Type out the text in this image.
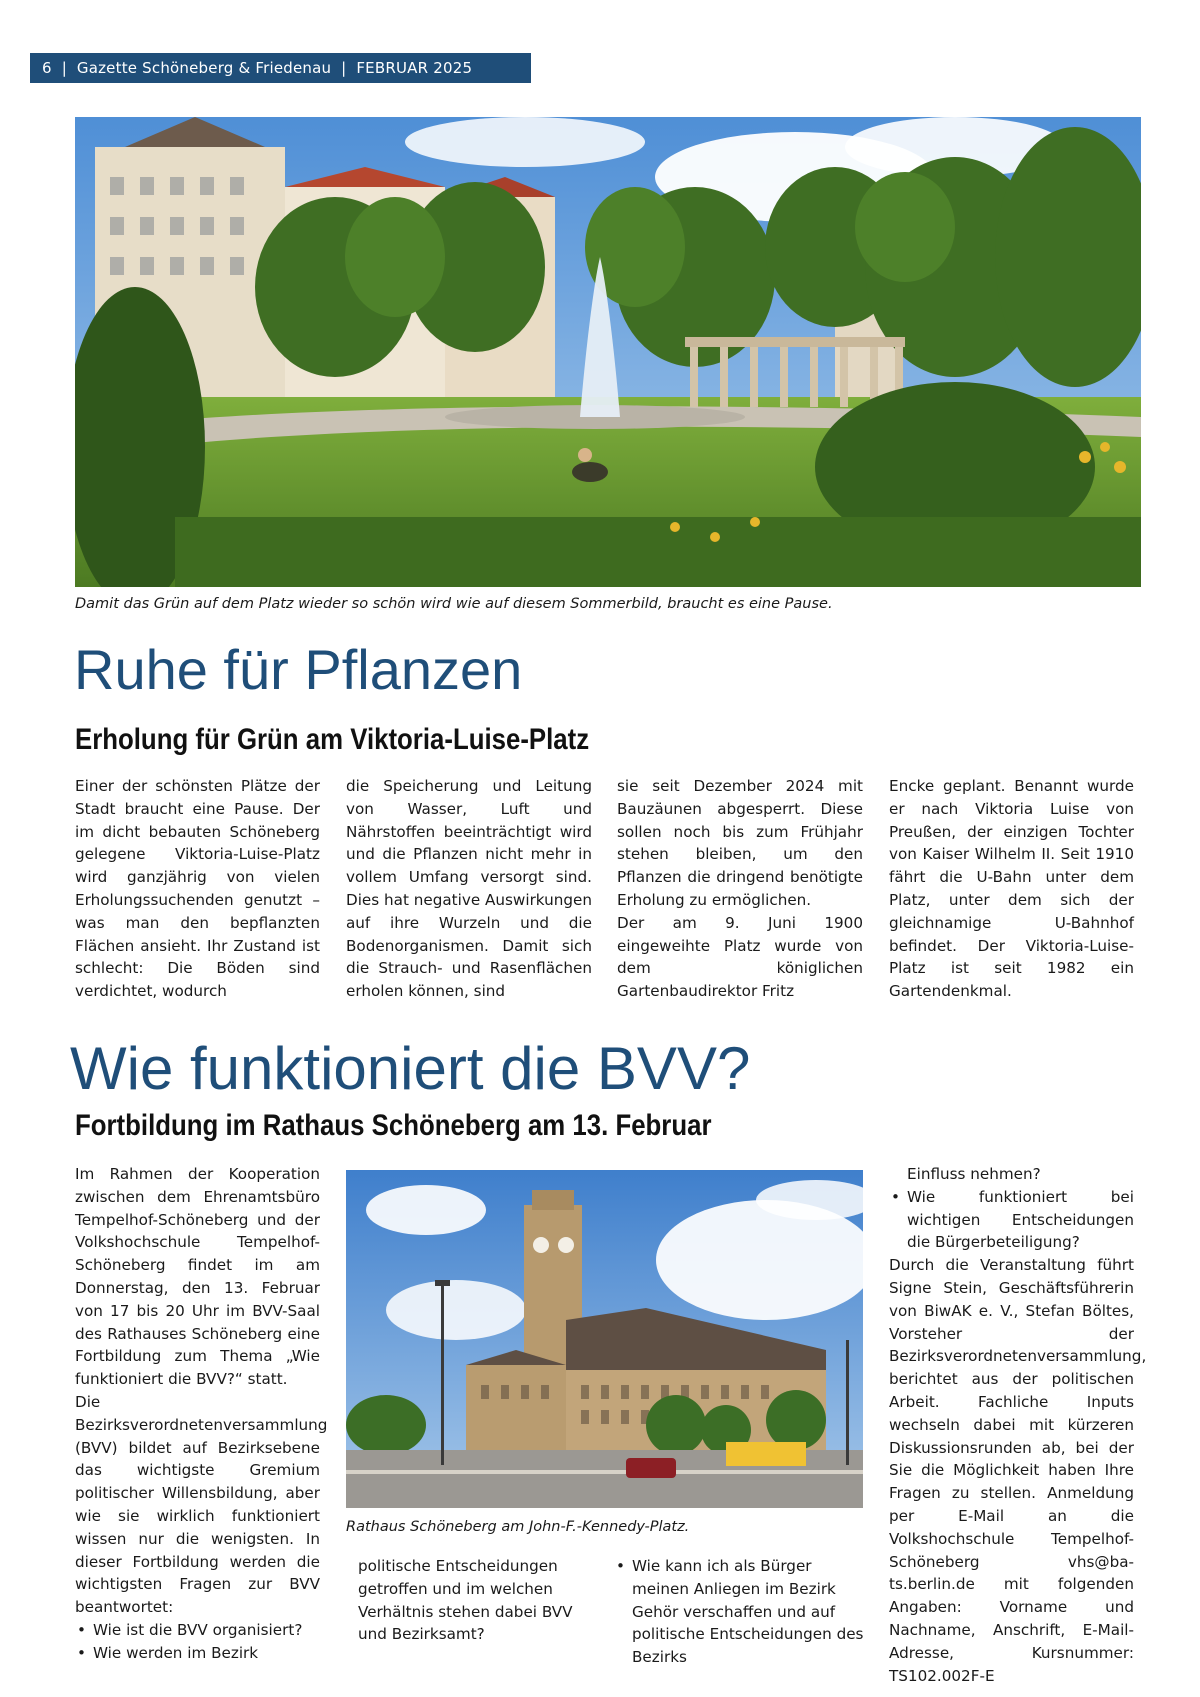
6
|
Gazette Schöneberg & Friedenau
|
FEBRUAR 2025
Damit das Grün auf dem Platz wieder so schön wird wie auf diesem Sommerbild, braucht es eine Pause.
Ruhe für Pflanzen
Erholung für Grün am Viktoria-Luise-Platz

Einer der schönsten Plätze der Stadt braucht eine Pause. Der im dicht bebauten Schöneberg gelegene Viktoria-Luise-Platz wird ganzjährig von vielen Erholungssuchenden genutzt – was man den bepflanzten Flächen ansieht. Ihr Zustand ist schlecht: Die Böden sind verdichtet, wodurch

die Speicherung und Leitung von Wasser, Luft und Nährstoffen beeinträchtigt wird und die Pflanzen nicht mehr in vollem Umfang versorgt sind. Dies hat negative Auswirkungen auf ihre Wurzeln und die Bodenorganismen. Damit sich die Strauch- und Rasenflächen erholen können, sind

sie seit Dezember 2024 mit Bauzäunen abgesperrt. Diese sollen noch bis zum Frühjahr stehen bleiben, um den Pflanzen die dringend benötigte Erholung zu ermöglichen.

Der am 9. Juni 1900 eingeweihte Platz wurde von dem königlichen Gartenbaudirektor Fritz

Encke geplant. Benannt wurde er nach Viktoria Luise von Preußen, der einzigen Tochter von Kaiser Wilhelm II. Seit 1910 fährt die U-Bahn unter dem Platz, unter dem sich der gleichnamige U-Bahnhof befindet. Der Viktoria-Luise-Platz ist seit 1982 ein Gartendenkmal.

Wie funktioniert die BVV?
Fortbildung im Rathaus Schöneberg am 13. Februar

Im Rahmen der Kooperation zwischen dem Ehrenamtsbüro Tempelhof-Schöneberg und der Volkshochschule Tempelhof-Schöneberg findet im am Donnerstag, den 13. Februar von 17 bis 20 Uhr im BVV-Saal des Rathauses Schöneberg eine Fortbildung zum Thema „Wie funktioniert die BVV?“ statt.

Die Bezirksverordnetenversammlung (BVV) bildet auf Bezirksebene das wichtigste Gremium politischer Willensbildung, aber wie sie wirklich funktioniert wissen nur die wenigsten. In dieser Fortbildung werden die wichtigsten Fragen zur BVV beantwortet:

• Wie ist die BVV organisiert?
• Wie werden im Bezirk
Rathaus Schöneberg am John-F.-Kennedy-Platz.

politische Entscheidungen getroffen und im welchen Verhältnis stehen dabei BVV und Bezirksamt?

• Wie kann ich als Bürger meinen Anliegen im Bezirk Gehör verschaffen und auf politische Entscheidungen des Bezirks

Einfluss nehmen?

• Wie funktioniert bei wichtigen Entscheidungen die Bürgerbeteiligung?

Durch die Veranstaltung führt Signe Stein, Geschäftsführerin von BiwAK e. V., Stefan Böltes, Vorsteher der Bezirksverordnetenversammlung, berichtet aus der politischen Arbeit. Fachliche Inputs wechseln dabei mit kürzeren Diskussionsrunden ab, bei der Sie die Möglichkeit haben Ihre Fragen zu stellen. Anmeldung per E-Mail an die Volkshochschule Tempelhof-Schöneberg vhs@ba-ts.berlin.de mit folgenden Angaben: Vorname und Nachname, Anschrift, E-Mail-Adresse, Kursnummer: TS102.002F-E
